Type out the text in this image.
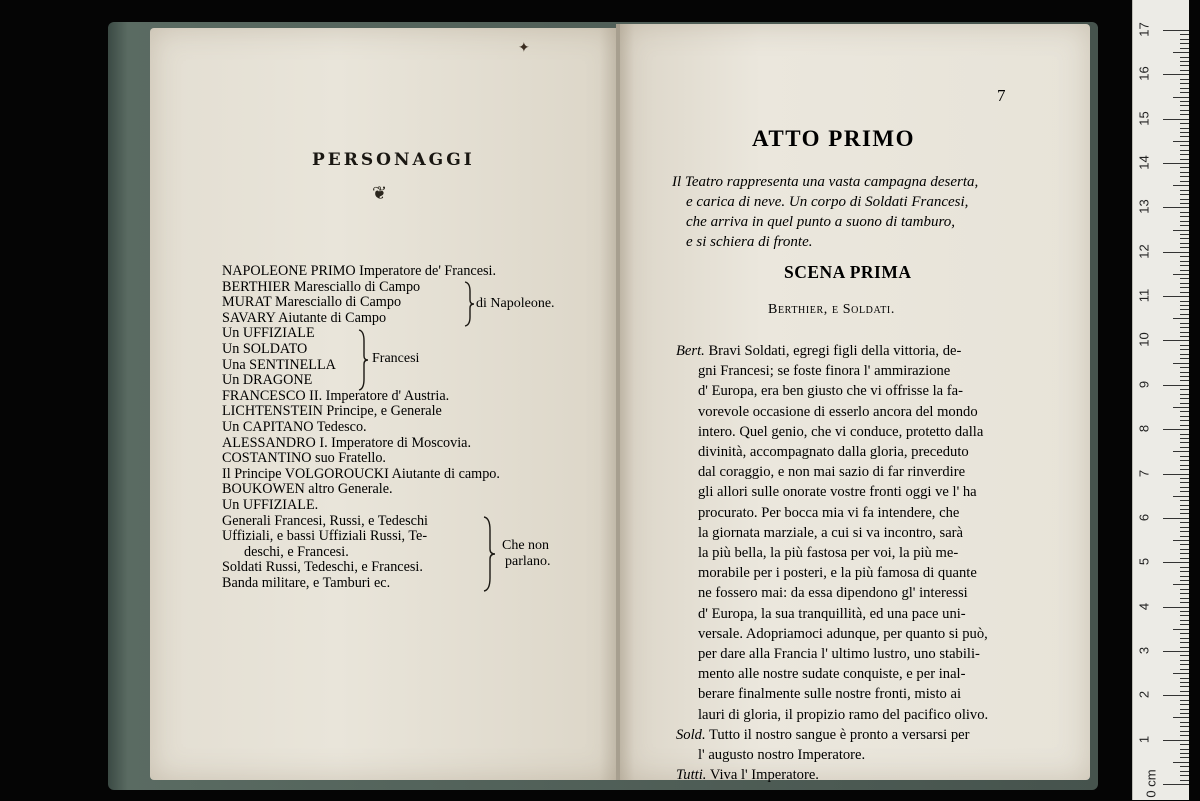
✦
PERSONAGGI
❦
NAPOLEONE PRIMO Imperatore de' Francesi.
BERTHIER Maresciallo di Campo
MURAT Maresciallo di Campo
SAVARY Aiutante di Campo
Un UFFIZIALE
Un SOLDATO
Una SENTINELLA
Un DRAGONE
FRANCESCO II. Imperatore d' Austria.
LICHTENSTEIN Principe, e Generale
Un CAPITANO Tedesco.
ALESSANDRO I. Imperatore di Moscovia.
COSTANTINO suo Fratello.
Il Principe VOLGOROUCKI Aiutante di campo.
BOUKOWEN altro Generale.
Un UFFIZIALE.
Generali Francesi, Russi, e Tedeschi
Uffiziali, e bassi Uffiziali Russi, Te-
deschi, e Francesi.
Soldati Russi, Tedeschi, e Francesi.
Banda militare, e Tamburi ec.
di Napoleone.
Francesi
Che non
parlano.
7
ATTO PRIMO
Il Teatro rappresenta una vasta campagna deserta,
e carica di neve. Un corpo di Soldati Francesi,
che arriva in quel punto a suono di tamburo,
e si schiera di fronte.
SCENA PRIMA
Berthier, e Soldati.
Bert. Bravi Soldati, egregi figli della vittoria, de-
gni Francesi; se foste finora l' ammirazione
d' Europa, era ben giusto che vi offrisse la fa-
vorevole occasione di esserlo ancora del mondo
intero. Quel genio, che vi conduce, protetto dalla
divinità, accompagnato dalla gloria, preceduto
dal coraggio, e non mai sazio di far rinverdire
gli allori sulle onorate vostre fronti oggi ve l' ha
procurato. Per bocca mia vi fa intendere, che
la giornata marziale, a cui si va incontro, sarà
la più bella, la più fastosa per voi, la più me-
morabile per i posteri, e la più famosa di quante
ne fossero mai: da essa dipendono gl' interessi
d' Europa, la sua tranquillità, ed una pace uni-
versale. Adopriamoci adunque, per quanto si può,
per dare alla Francia l' ultimo lustro, uno stabili-
mento alle nostre sudate conquiste, e per inal-
berare finalmente sulle nostre fronti, misto ai
lauri di gloria, il propizio ramo del pacifico olivo.
Sold. Tutto il nostro sangue è pronto a versarsi per
l' augusto nostro Imperatore.
Tutti. Viva l' Imperatore.
17
16
15
14
13
12
11
10
9
8
7
6
5
4
3
2
1
0 cm
